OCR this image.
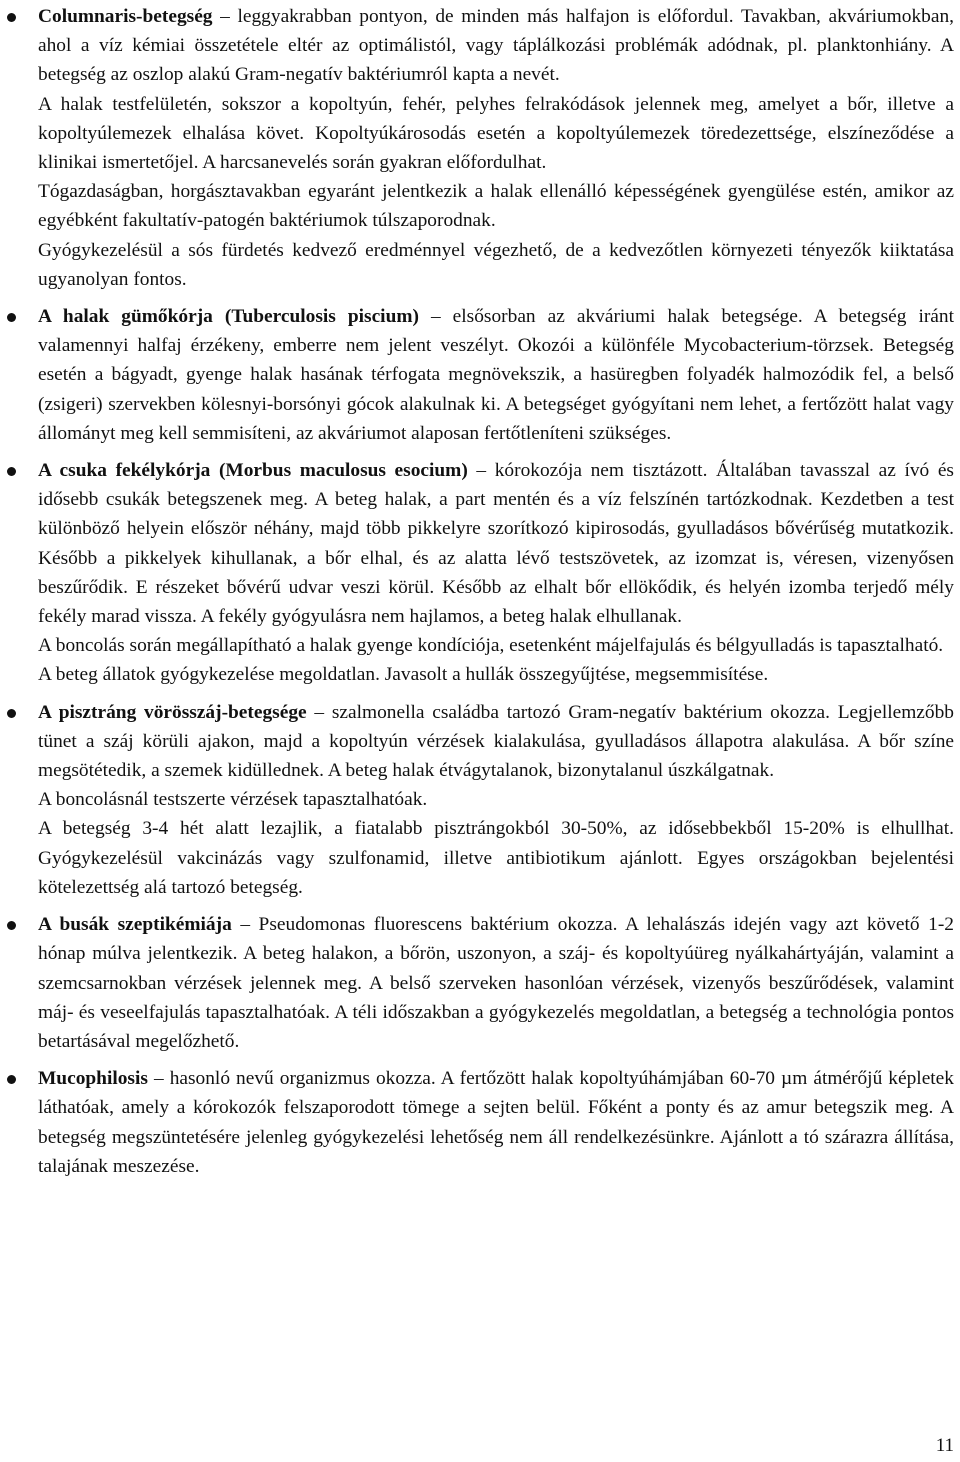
Columnaris-betegség – leggyakrabban pontyon, de minden más halfajon is előfordul. Tavakban, akváriumokban, ahol a víz kémiai összetétele eltér az optimálistól, vagy táplálkozási problémák adódnak, pl. planktonhiány. A betegség az oszlop alakú Gram-negatív baktériumról kapta a nevét.

A halak testfelületén, sokszor a kopoltyún, fehér, pelyhes felrakódások jelennek meg, amelyet a bőr, illetve a kopoltyúlemezek elhalása követ. Kopoltyúkárosodás esetén a kopoltyúlemezek töredezettsége, elszíneződése a klinikai ismertetőjel. A harcsanevelés során gyakran előfordulhat.

Tógazdaságban, horgásztavakban egyaránt jelentkezik a halak ellenálló képességének gyengülése estén, amikor az egyébként fakultatív-patogén baktériumok túlszaporodnak.

Gyógykezelésül a sós fürdetés kedvező eredménnyel végezhető, de a kedvezőtlen környezeti tényezők kiiktatása ugyanolyan fontos.

A halak gümőkórja (Tuberculosis piscium) – elsősorban az akváriumi halak betegsége. A betegség iránt valamennyi halfaj érzékeny, emberre nem jelent veszélyt. Okozói a különféle Mycobacterium-törzsek. Betegség esetén a bágyadt, gyenge halak hasának térfogata megnövekszik, a hasüregben folyadék halmozódik fel, a belső (zsigeri) szervekben kölesnyi-borsónyi gócok alakulnak ki. A betegséget gyógyítani nem lehet, a fertőzött halat vagy állományt meg kell semmisíteni, az akváriumot alaposan fertőtleníteni szükséges.

A csuka fekélykórja (Morbus maculosus esocium) – kórokozója nem tisztázott. Általában tavasszal az ívó és idősebb csukák betegszenek meg. A beteg halak, a part mentén és a víz felszínén tartózkodnak. Kezdetben a test különböző helyein először néhány, majd több pikkelyre szorítkozó kipirosodás, gyulladásos bővérűség mutatkozik. Később a pikkelyek kihullanak, a bőr elhal, és az alatta lévő testszövetek, az izomzat is, véresen, vizenyősen beszűrődik. E részeket bővérű udvar veszi körül. Később az elhalt bőr ellökődik, és helyén izomba terjedő mély fekély marad vissza. A fekély gyógyulásra nem hajlamos, a beteg halak elhullanak.

A boncolás során megállapítható a halak gyenge kondíciója, esetenként májelfajulás és bélgyulladás is tapasztalható.

A beteg állatok gyógykezelése megoldatlan. Javasolt a hullák összegyűjtése, megsemmisítése.

A pisztráng vörösszáj-betegsége – szalmonella családba tartozó Gram-negatív baktérium okozza. Legjellemzőbb tünet a száj körüli ajakon, majd a kopoltyún vérzések kialakulása, gyulladásos állapotra alakulása. A bőr színe megsötétedik, a szemek kidüllednek. A beteg halak étvágytalanok, bizonytalanul úszkálgatnak.

A boncolásnál testszerte vérzések tapasztalhatóak.

A betegség 3-4 hét alatt lezajlik, a fiatalabb pisztrángokból 30-50%, az idősebbekből 15-20% is elhullhat. Gyógykezelésül vakcinázás vagy szulfonamid, illetve antibiotikum ajánlott. Egyes országokban bejelentési kötelezettség alá tartozó betegség.

A busák szeptikémiája – Pseudomonas fluorescens baktérium okozza. A lehalászás idején vagy azt követő 1-2 hónap múlva jelentkezik. A beteg halakon, a bőrön, uszonyon, a száj- és kopoltyúüreg nyálkahártyáján, valamint a szemcsarnokban vérzések jelennek meg. A belső szerveken hasonlóan vérzések, vizenyős beszűrődések, valamint máj- és veseelfajulás tapasztalhatóak. A téli időszakban a gyógykezelés megoldatlan, a betegség a technológia pontos betartásával megelőzhető.

Mucophilosis – hasonló nevű organizmus okozza. A fertőzött halak kopoltyúhámjában 60-70 µm átmérőjű képletek láthatóak, amely a kórokozók felszaporodott tömege a sejten belül. Főként a ponty és az amur betegszik meg. A betegség megszüntetésére jelenleg gyógykezelési lehetőség nem áll rendelkezésünkre. Ajánlott a tó szárazra állítása, talajának meszezése.

11
